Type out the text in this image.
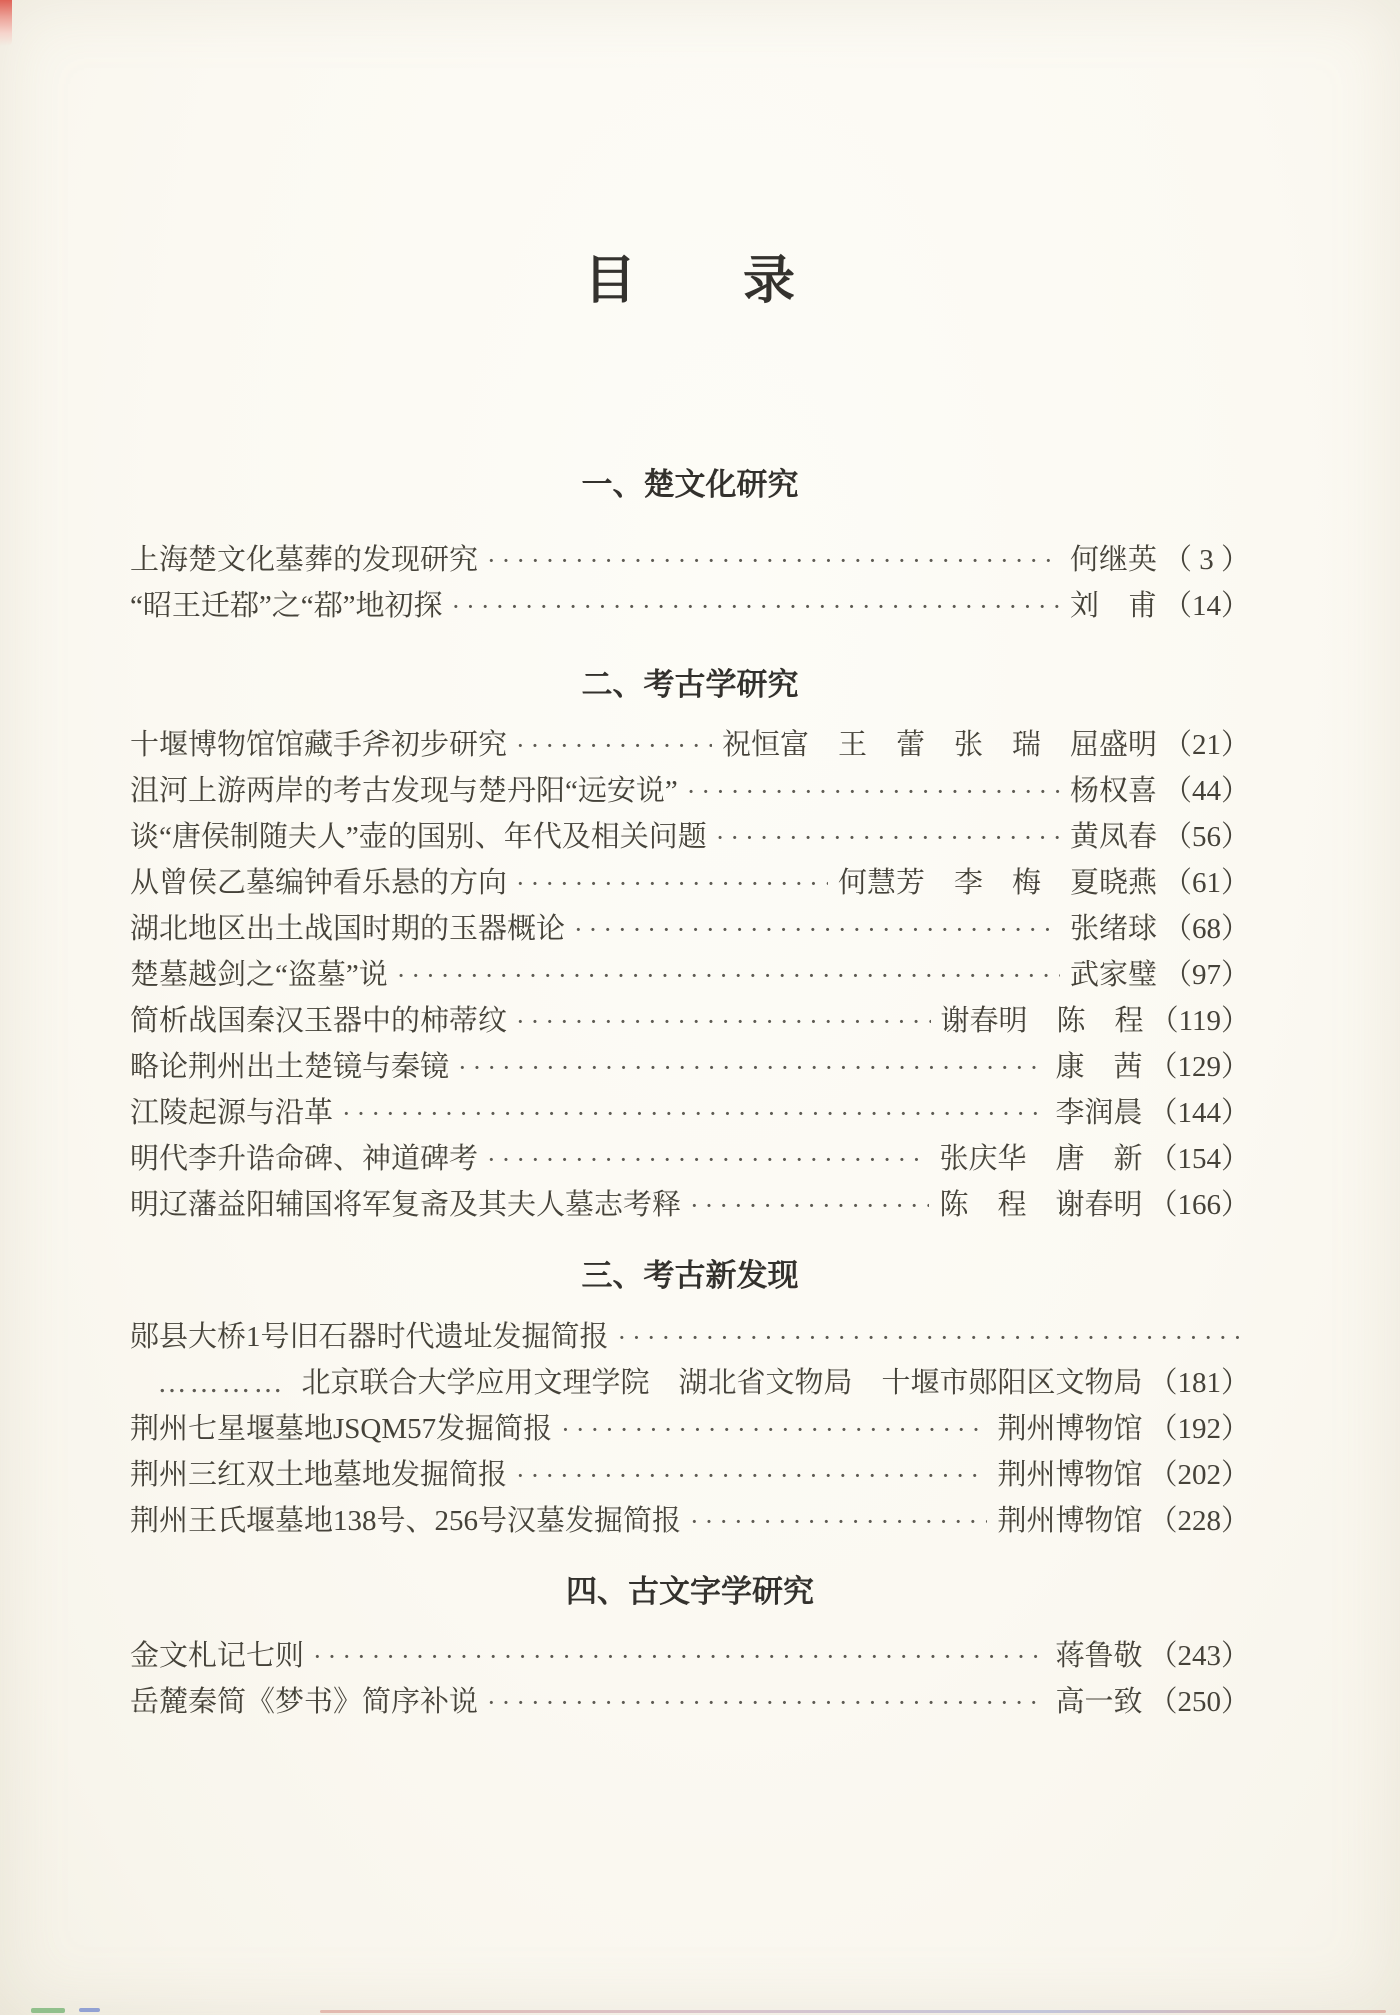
目　　录
一、楚文化研究
上海楚文化墓葬的发现研究 ·····	何继英 （ 3 ）
“昭王迁鄀”之“鄀”地初探 ·····	刘　甫 （14）
二、考古学研究
十堰博物馆馆藏手斧初步研究 ·····	祝恒富　王　蕾　张　瑞　屈盛明 （21）
沮河上游两岸的考古发现与楚丹阳“远安说” ·····	杨权喜 （44）
谈“唐侯制随夫人”壶的国别、年代及相关问题 ·····	黄凤春 （56）
从曾侯乙墓编钟看乐悬的方向 ·····	何慧芳　李　梅　夏晓燕 （61）
湖北地区出土战国时期的玉器概论 ·····	张绪球 （68）
楚墓越剑之“盗墓”说 ·····	武家璧 （97）
简析战国秦汉玉器中的柿蒂纹 ·····	谢春明　陈　程 （119）
略论荆州出土楚镜与秦镜 ·····	康　茜 （129）
江陵起源与沿革 ·····	李润晨 （144）
明代李升诰命碑、神道碑考 ·····	张庆华　唐　新 （154）
明辽藩益阳辅国将军复斋及其夫人墓志考释 ·····	陈　程　谢春明 （166）
三、考古新发现
郧县大桥1号旧石器时代遗址发掘简报
·····
………… 北京联合大学应用文理学院　湖北省文物局　十堰市郧阳区文物局 （181）
荆州七星堰墓地JSQM57发掘简报 ·····	荆州博物馆 （192）
荆州三红双土地墓地发掘简报 ·····	荆州博物馆 （202）
荆州王氏堰墓地138号、256号汉墓发掘简报 ·····	荆州博物馆 （228）
四、古文字学研究
金文札记七则 ·····	蒋鲁敬 （243）
岳麓秦简《梦书》简序补说 ·····	高一致 （250）
